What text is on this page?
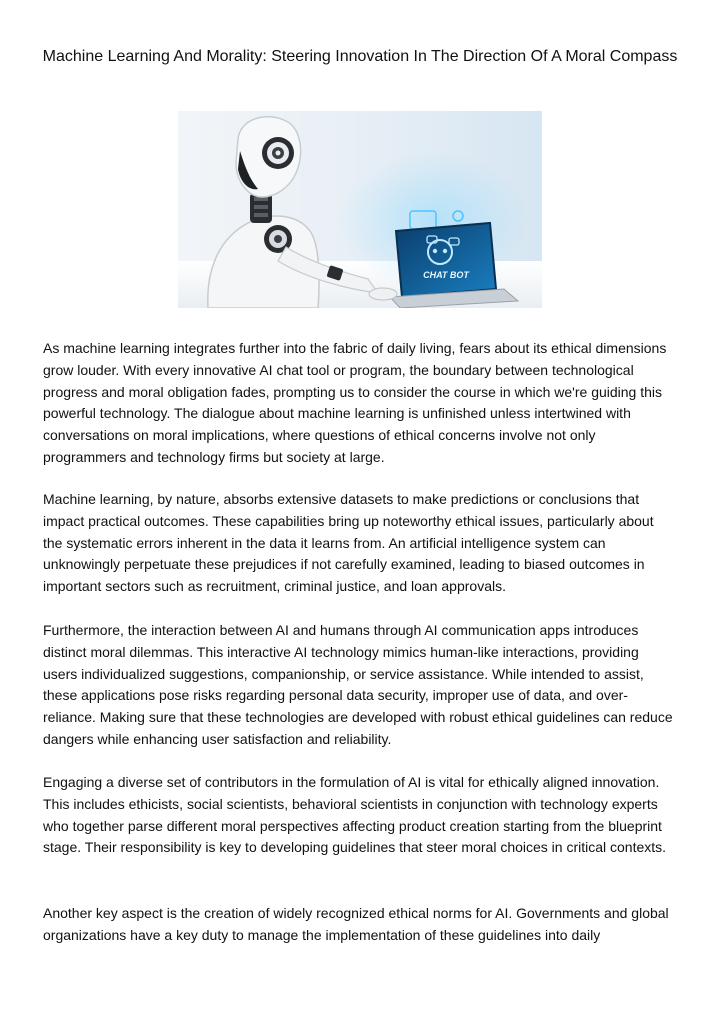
Machine Learning And Morality: Steering Innovation In The Direction Of A Moral Compass
CHAT BOT

As machine learning integrates further into the fabric of daily living, fears about its ethical dimensions grow louder. With every innovative AI chat tool or program, the boundary between technological progress and moral obligation fades, prompting us to consider the course in which we're guiding this powerful technology. The dialogue about machine learning is unfinished unless intertwined with conversations on moral implications, where questions of ethical concerns involve not only programmers and technology firms but society at large.

Machine learning, by nature, absorbs extensive datasets to make predictions or conclusions that impact practical outcomes. These capabilities bring up noteworthy ethical issues, particularly about the systematic errors inherent in the data it learns from. An artificial intelligence system can unknowingly perpetuate these prejudices if not carefully examined, leading to biased outcomes in important sectors such as recruitment, criminal justice, and loan approvals.

Furthermore, the interaction between AI and humans through AI communication apps introduces distinct moral dilemmas. This interactive AI technology mimics human-like interactions, providing users individualized suggestions, companionship, or service assistance. While intended to assist, these applications pose risks regarding personal data security, improper use of data, and over-reliance. Making sure that these technologies are developed with robust ethical guidelines can reduce dangers while enhancing user satisfaction and reliability.

Engaging a diverse set of contributors in the formulation of AI is vital for ethically aligned innovation. This includes ethicists, social scientists, behavioral scientists in conjunction with technology experts who together parse different moral perspectives affecting product creation starting from the blueprint stage. Their responsibility is key to developing guidelines that steer moral choices in critical contexts.

Another key aspect is the creation of widely recognized ethical norms for AI. Governments and global organizations have a key duty to manage the implementation of these guidelines into daily
